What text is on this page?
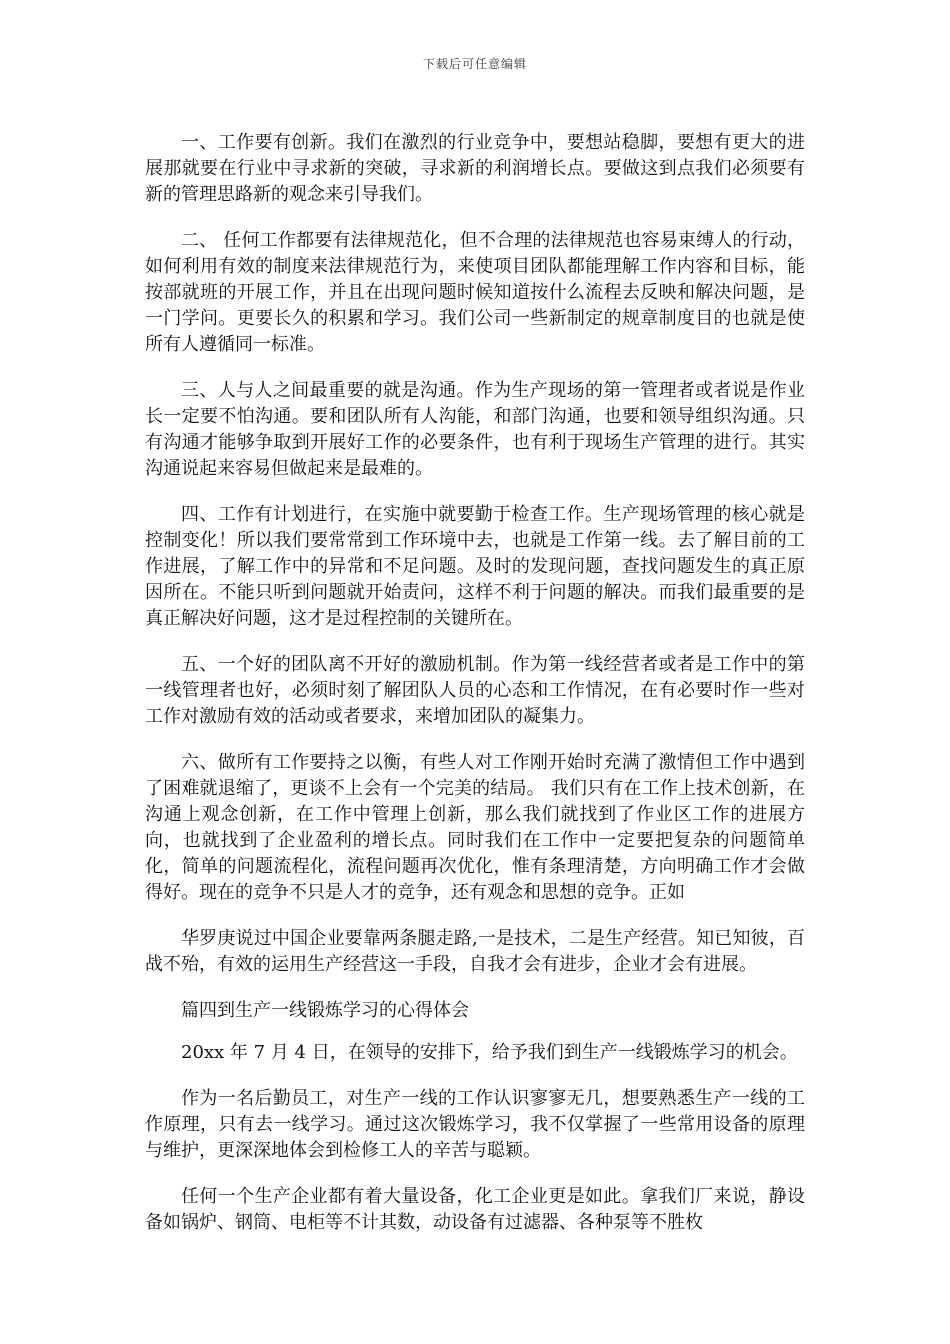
下载后可任意编辑

一、工作要有创新。我们在激烈的行业竞争中，要想站稳脚，要想有更大的进展那就要在行业中寻求新的突破，寻求新的利润增长点。要做这到点我们必须要有新的管理思路新的观念来引导我们。

二、 任何工作都要有法律规范化，但不合理的法律规范也容易束缚人的行动，如何利用有效的制度来法律规范行为，来使项目团队都能理解工作内容和目标，能按部就班的开展工作，并且在出现问题时候知道按什么流程去反映和解决问题，是一门学问。更要长久的积累和学习。我们公司一些新制定的规章制度目的也就是使所有人遵循同一标准。

三、人与人之间最重要的就是沟通。作为生产现场的第一管理者或者说是作业长一定要不怕沟通。要和团队所有人沟能，和部门沟通，也要和领导组织沟通。只有沟通才能够争取到开展好工作的必要条件，也有利于现场生产管理的进行。其实沟通说起来容易但做起来是最难的。

四、工作有计划进行，在实施中就要勤于检查工作。生产现场管理的核心就是控制变化！所以我们要常常到工作环境中去，也就是工作第一线。去了解目前的工作进展，了解工作中的异常和不足问题。及时的发现问题，查找问题发生的真正原因所在。不能只听到问题就开始责问，这样不利于问题的解决。而我们最重要的是真正解决好问题，这才是过程控制的关键所在。

五、一个好的团队离不开好的激励机制。作为第一线经营者或者是工作中的第一线管理者也好，必须时刻了解团队人员的心态和工作情况，在有必要时作一些对工作对激励有效的活动或者要求，来增加团队的凝集力。

六、做所有工作要持之以衡，有些人对工作刚开始时充满了激情但工作中遇到了困难就退缩了，更谈不上会有一个完美的结局。 我们只有在工作上技术创新，在沟通上观念创新，在工作中管理上创新，那么我们就找到了作业区工作的进展方向，也就找到了企业盈利的增长点。同时我们在工作中一定要把复杂的问题简单化，简单的问题流程化，流程问题再次优化，惟有条理清楚，方向明确工作才会做得好。现在的竞争不只是人才的竞争，还有观念和思想的竞争。正如

华罗庚说过中国企业要靠两条腿走路,一是技术，二是生产经营。知已知彼，百战不殆，有效的运用生产经营这一手段，自我才会有进步，企业才会有进展。

篇四到生产一线锻炼学习的心得体会

20xx 年 7 月 4 日，在领导的安排下，给予我们到生产一线锻炼学习的机会。

作为一名后勤员工，对生产一线的工作认识寥寥无几，想要熟悉生产一线的工作原理，只有去一线学习。通过这次锻炼学习，我不仅掌握了一些常用设备的原理与维护，更深深地体会到检修工人的辛苦与聪颖。

任何一个生产企业都有着大量设备，化工企业更是如此。拿我们厂来说，静设备如锅炉、钢筒、电柜等不计其数，动设备有过滤器、各种泵等不胜枚
